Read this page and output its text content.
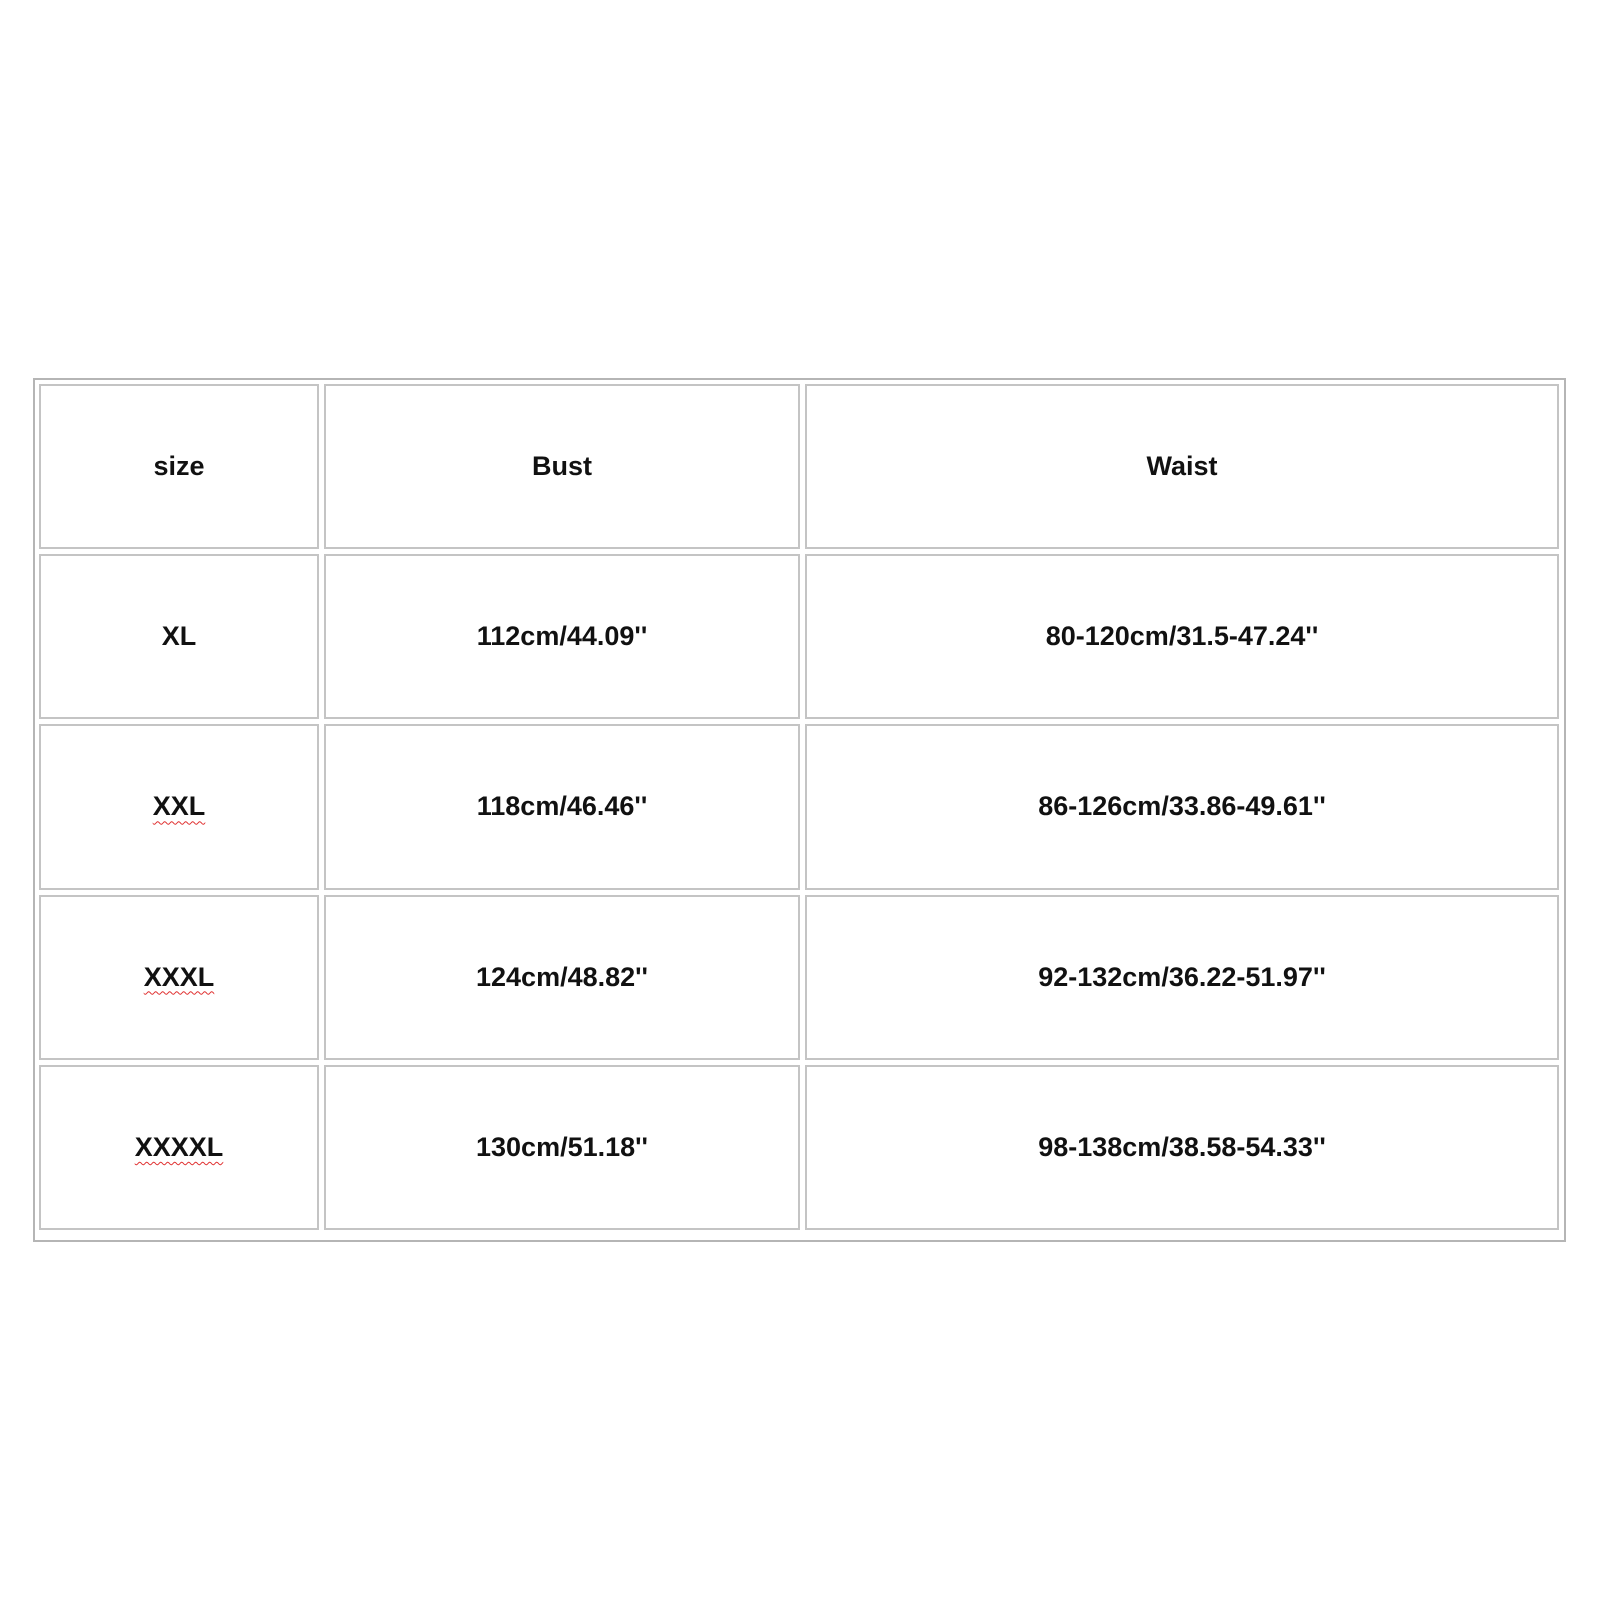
size	Bust	Waist
XL	112cm/44.09''	80-120cm/31.5-47.24''
XXL	118cm/46.46''	86-126cm/33.86-49.61''
XXXL	124cm/48.82''	92-132cm/36.22-51.97''
XXXXL	130cm/51.18''	98-138cm/38.58-54.33''
